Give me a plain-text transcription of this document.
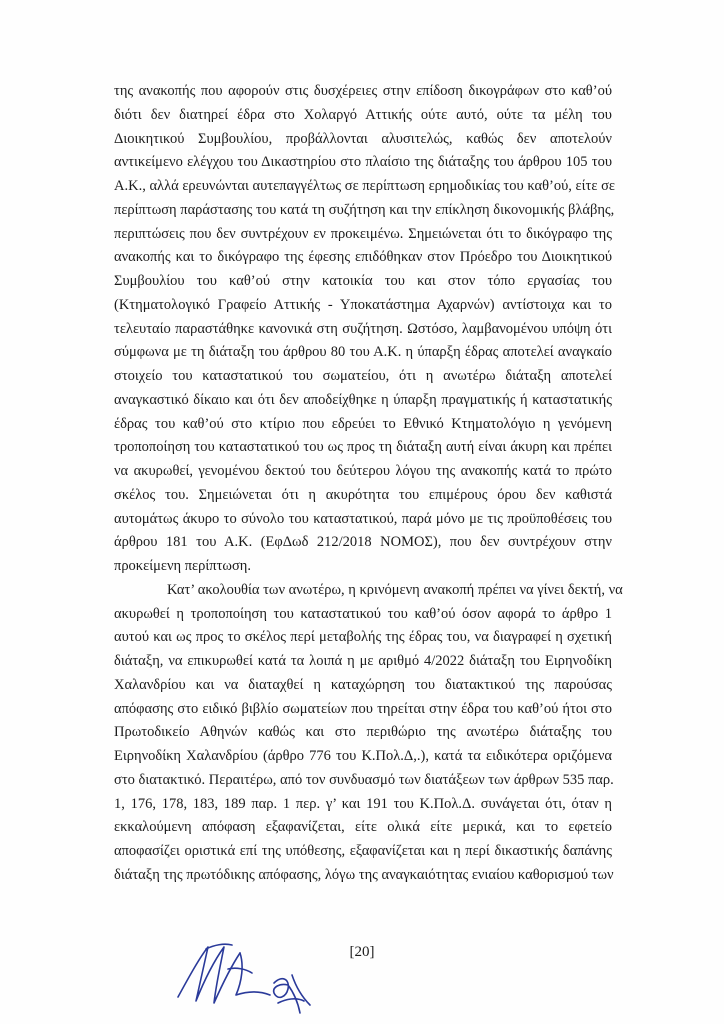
της ανακοπής που αφορούν στις δυσχέρειες στην επίδοση δικογράφων στο καθ’ού
διότι δεν διατηρεί έδρα στο Χολαργό Αττικής ούτε αυτό, ούτε τα μέλη του
Διοικητικού Συμβουλίου, προβάλλονται αλυσιτελώς, καθώς δεν αποτελούν
αντικείμενο ελέγχου του Δικαστηρίου στο πλαίσιο της διάταξης του άρθρου 105 του
Α.Κ., αλλά ερευνώνται αυτεπαγγέλτως σε περίπτωση ερημοδικίας του καθ’ού, είτε σε
περίπτωση παράστασης του κατά τη συζήτηση και την επίκληση δικονομικής βλάβης,
περιπτώσεις που δεν συντρέχουν εν προκειμένω. Σημειώνεται ότι το δικόγραφο της
ανακοπής και το δικόγραφο της έφεσης επιδόθηκαν στον Πρόεδρο του Διοικητικού
Συμβουλίου του καθ’ού στην κατοικία του και στον τόπο εργασίας του
(Κτηματολογικό Γραφείο Αττικής - Υποκατάστημα Αχαρνών) αντίστοιχα και το
τελευταίο παραστάθηκε κανονικά στη συζήτηση. Ωστόσο, λαμβανομένου υπόψη ότι
σύμφωνα με τη διάταξη του άρθρου 80 του Α.Κ. η ύπαρξη έδρας αποτελεί αναγκαίο
στοιχείο του καταστατικού του σωματείου, ότι η ανωτέρω διάταξη αποτελεί
αναγκαστικό δίκαιο και ότι δεν αποδείχθηκε η ύπαρξη πραγματικής ή καταστατικής
έδρας του καθ’ού στο κτίριο που εδρεύει το Εθνικό Κτηματολόγιο η γενόμενη
τροποποίηση του καταστατικού του ως προς τη διάταξη αυτή είναι άκυρη και πρέπει
να ακυρωθεί, γενομένου δεκτού του δεύτερου λόγου της ανακοπής κατά το πρώτο
σκέλος του. Σημειώνεται ότι η ακυρότητα του επιμέρους όρου δεν καθιστά
αυτομάτως άκυρο το σύνολο του καταστατικού, παρά μόνο με τις προϋποθέσεις του
άρθρου 181 του Α.Κ. (ΕφΔωδ 212/2018 ΝΟΜΟΣ), που δεν συντρέχουν στην
προκείμενη περίπτωση.
Κατ’ ακολουθία των ανωτέρω, η κρινόμενη ανακοπή πρέπει να γίνει δεκτή, να
ακυρωθεί η τροποποίηση του καταστατικού του καθ’ού όσον αφορά το άρθρο 1
αυτού και ως προς το σκέλος περί μεταβολής της έδρας του, να διαγραφεί η σχετική
διάταξη, να επικυρωθεί κατά τα λοιπά η με αριθμό 4/2022 διάταξη του Ειρηνοδίκη
Χαλανδρίου και να διαταχθεί η καταχώρηση του διατακτικού της παρούσας
απόφασης στο ειδικό βιβλίο σωματείων που τηρείται στην έδρα του καθ’ού ήτοι στο
Πρωτοδικείο Αθηνών καθώς και στο περιθώριο της ανωτέρω διάταξης του
Ειρηνοδίκη Χαλανδρίου (άρθρο 776 του Κ.Πολ.Δ,.), κατά τα ειδικότερα οριζόμενα
στο διατακτικό. Περαιτέρω, από τον συνδυασμό των διατάξεων των άρθρων 535 παρ.
1, 176, 178, 183, 189 παρ. 1 περ. γ’ και 191 του Κ.Πολ.Δ. συνάγεται ότι, όταν η
εκκαλούμενη απόφαση εξαφανίζεται, είτε ολικά είτε μερικά, και το εφετείο
αποφασίζει οριστικά επί της υπόθεσης, εξαφανίζεται και η περί δικαστικής δαπάνης
διάταξη της πρωτόδικης απόφασης, λόγω της αναγκαιότητας ενιαίου καθορισμού των
[20]
